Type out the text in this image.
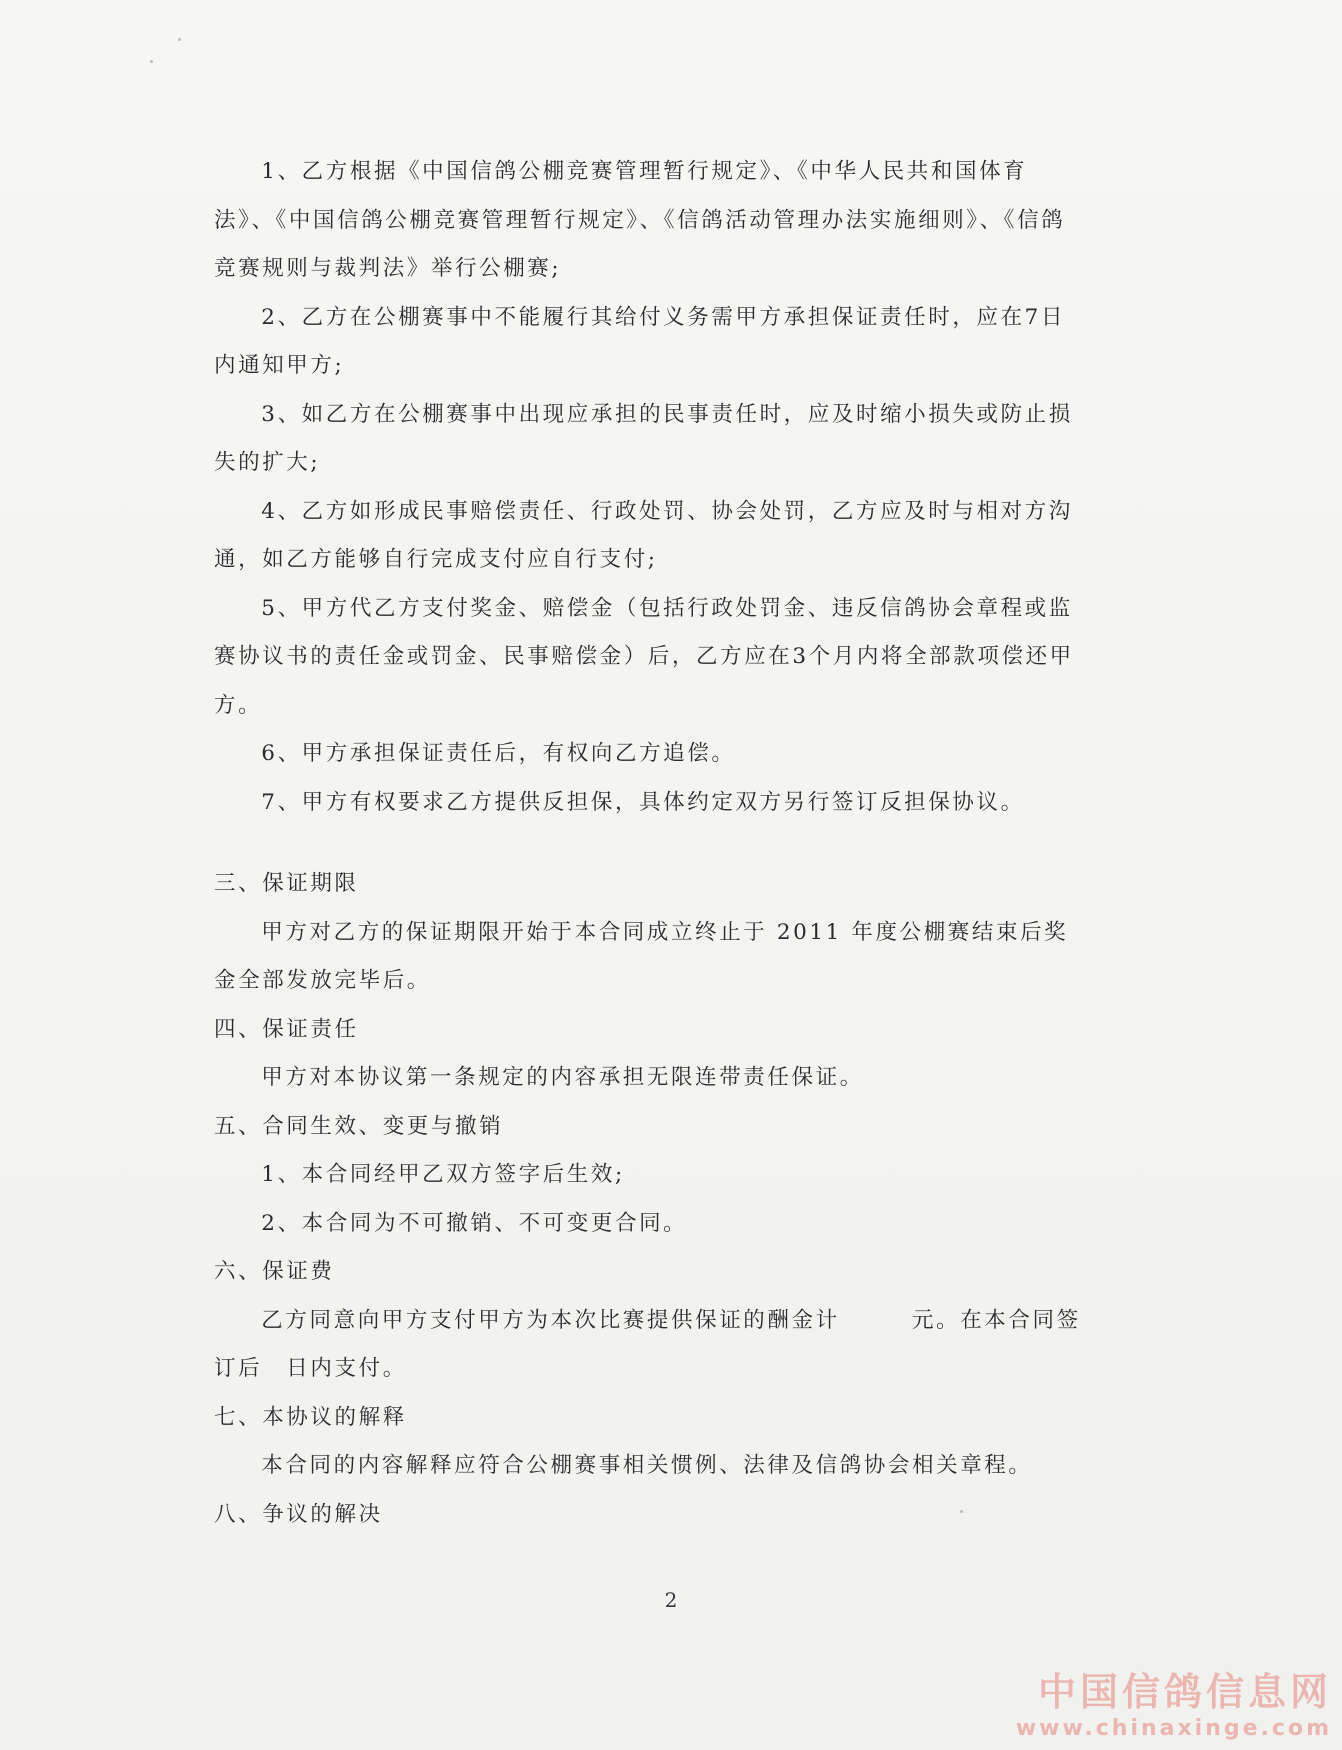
1、乙方根据《中国信鸽公棚竞赛管理暂行规定》、《中华人民共和国体育法》、《中国信鸽公棚竞赛管理暂行规定》、《信鸽活动管理办法实施细则》、《信鸽竞赛规则与裁判法》举行公棚赛;

2、乙方在公棚赛事中不能履行其给付义务需甲方承担保证责任时，应在7日内通知甲方;

3、如乙方在公棚赛事中出现应承担的民事责任时，应及时缩小损失或防止损失的扩大;

4、乙方如形成民事赔偿责任、行政处罚、协会处罚，乙方应及时与相对方沟通，如乙方能够自行完成支付应自行支付;

5、甲方代乙方支付奖金、赔偿金（包括行政处罚金、违反信鸽协会章程或监赛协议书的责任金或罚金、民事赔偿金）后，乙方应在3个月内将全部款项偿还甲方。

6、甲方承担保证责任后，有权向乙方追偿。

7、甲方有权要求乙方提供反担保，具体约定双方另行签订反担保协议。

三、保证期限

甲方对乙方的保证期限开始于本合同成立终止于 2011 年度公棚赛结束后奖金全部发放完毕后。

四、保证责任

甲方对本协议第一条规定的内容承担无限连带责任保证。

五、合同生效、变更与撤销

1、本合同经甲乙双方签字后生效;

2、本合同为不可撤销、不可变更合同。

六、保证费

乙方同意向甲方支付甲方为本次比赛提供保证的酬金计　　　元。在本合同签订后　日内支付。

七、本协议的解释

本合同的内容解释应符合公棚赛事相关惯例、法律及信鸽协会相关章程。

八、争议的解决

2
中国信鸽信息网
www.chinaxinge.com
